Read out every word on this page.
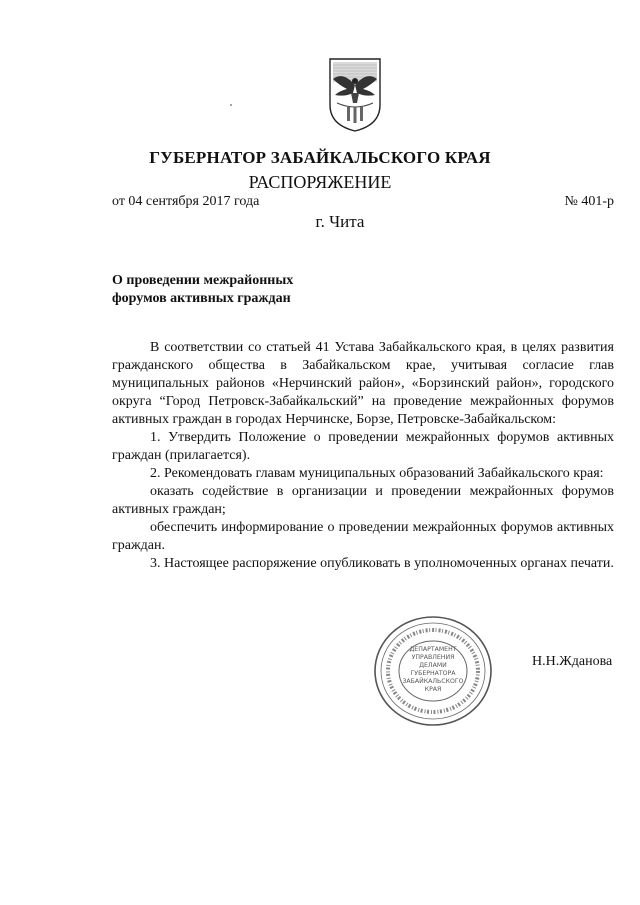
ГУБЕРНАТОР ЗАБАЙКАЛЬСКОГО КРАЯ
РАСПОРЯЖЕНИЕ
от 04 сентября 2017 года	№ 401-р
г. Чита
О проведении межрайонных
форумов активных граждан

В соответствии со статьей 41 Устава Забайкальского края, в целях развития гражданского общества в Забайкальском крае, учитывая согласие глав муниципальных районов «Нерчинский район», «Борзинский район», городского округа “Город Петровск-Забайкальский” на проведение межрайонных форумов активных граждан в городах Нерчинске, Борзе, Петровске-Забайкальском:

1. Утвердить Положение о проведении межрайонных форумов активных граждан (прилагается).

2. Рекомендовать главам муниципальных образований Забайкальского края:

оказать содействие в организации и проведении межрайонных форумов активных граждан;

обеспечить информирование о проведении межрайонных форумов активных граждан.

3. Настоящее распоряжение опубликовать в уполномоченных органах печати.

ДЕПАРТАМЕНТ
УПРАВЛЕНИЯ
ДЕЛАМИ
ГУБЕРНАТОРА
ЗАБАЙКАЛЬСКОГО
КРАЯ
Н.Н.Жданова
